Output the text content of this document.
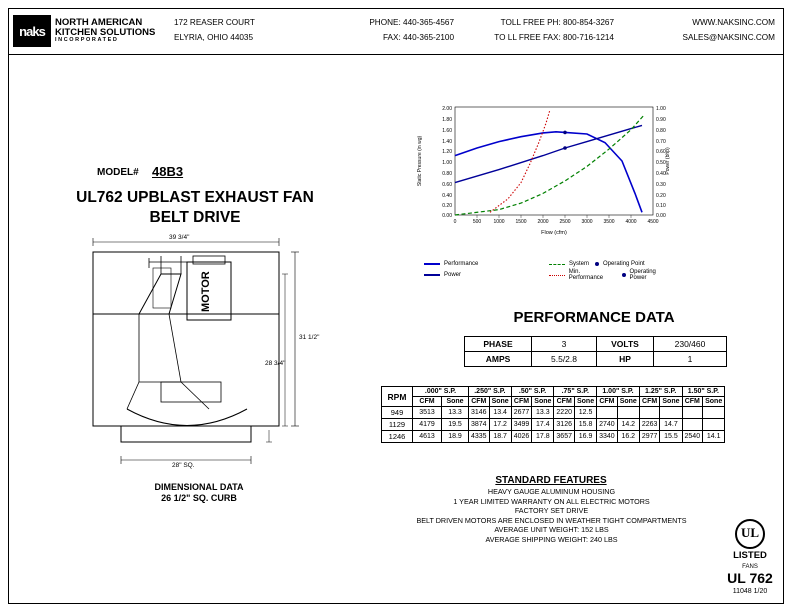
naks
NORTH AMERICAN
KITCHEN SOLUTIONS
INCORPORATED
172 REASER COURT
ELYRIA, OHIO 44035
PHONE: 440-365-4567
FAX: 440-365-2100
TOLL FREE PH: 800-854-3267
TO LL FREE FAX: 800-716-1214
WWW.NAKSINC.COM
SALES@NAKSINC.COM
MODEL# 48B3
UL762 UPBLAST EXHAUST FAN
BELT DRIVE
MOTOR
39 3/4"
31 1/2"
28 3/4"
28" SQ.
DIMENSIONAL DATA
26 1/2" SQ. CURB
2.00
1.80
1.60
1.40
1.20
1.00
0.80
0.60
0.40
0.20
0.00
1.00
0.90
0.80
0.70
0.60
0.50
0.40
0.30
0.20
0.10
0.00
0	500 1000 1500 2000 2500 3000 3500 4000 4500
Static Pressure (in wg)	Power (bhp)
Flow (cfm)
Performance	System Operating Point
Power	Min. Performance
Operating Power
PERFORMANCE DATA
PHASE	3	VOLTS	230/460
AMPS	5.5/2.8	HP	1
RPM	.000" S.P.		.250" S.P.		.50" S.P.		.75" S.P.		1.00" S.P.		1.25" S.P.		1.50" S.P.	
	CFM	Sone	CFM	Sone	CFM	Sone	CFM	Sone	CFM	Sone	CFM	Sone	CFM	Sone
949	3513	13.3	3146	13.4	2677	13.3	2220	12.5						
1129	4179	19.5	3874	17.2	3499	17.4	3126	15.8	2740	14.2	2263	14.7		
1246	4613	18.9	4335	18.7	4026	17.8	3657	16.9	3340	16.2	2977	15.5	2540	14.1
STANDARD FEATURES
HEAVY GAUGE ALUMINUM HOUSING
1 YEAR LIMITED WARRANTY ON ALL ELECTRIC MOTORS
FACTORY SET DRIVE
BELT DRIVEN MOTORS ARE ENCLOSED IN WEATHER TIGHT COMPARTMENTS
AVERAGE UNIT WEIGHT: 152 LBS
AVERAGE SHIPPING WEIGHT: 240 LBS	UL
LISTED
FANS
UL 762
11048 1/20
